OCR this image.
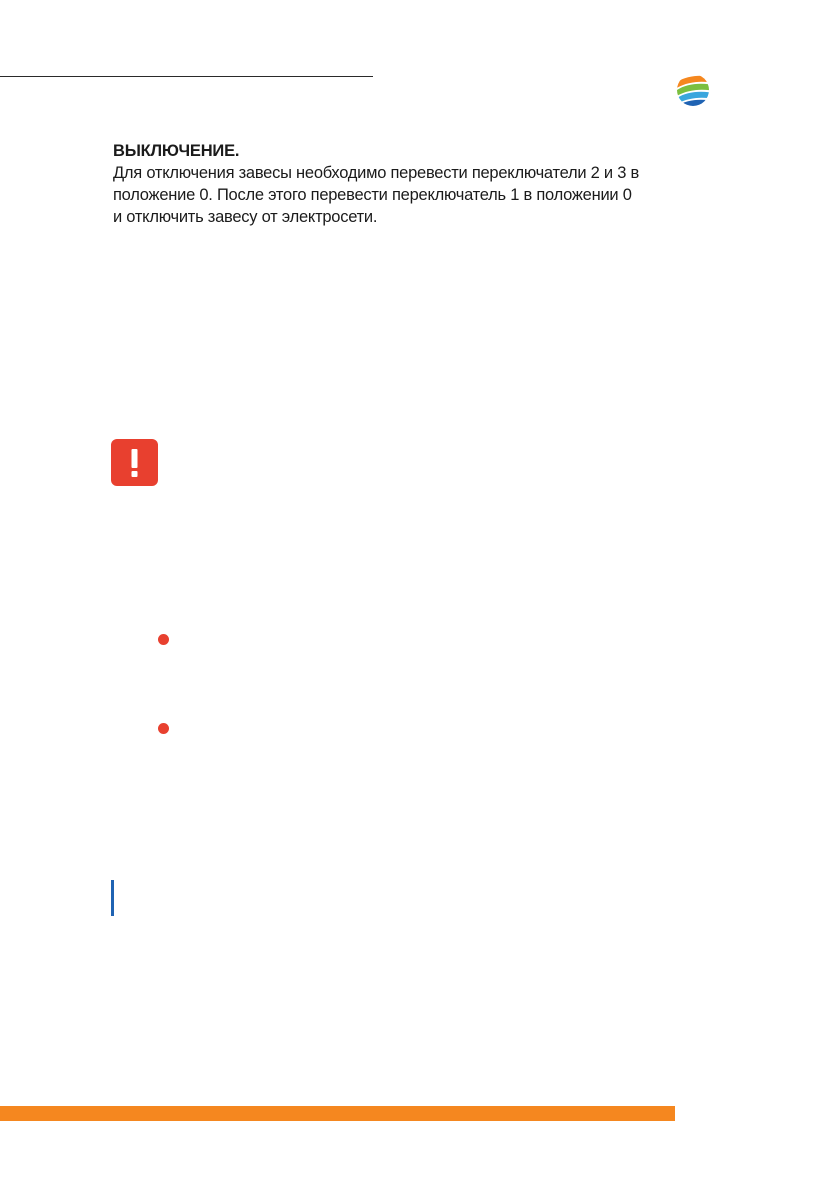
ВЫКЛЮЧЕНИЕ.

Для отключения завесы необходимо перевести переключатели 2 и 3 в

положение 0. После этого перевести переключатель 1 в положении 0

и отключить завесу от электросети.
